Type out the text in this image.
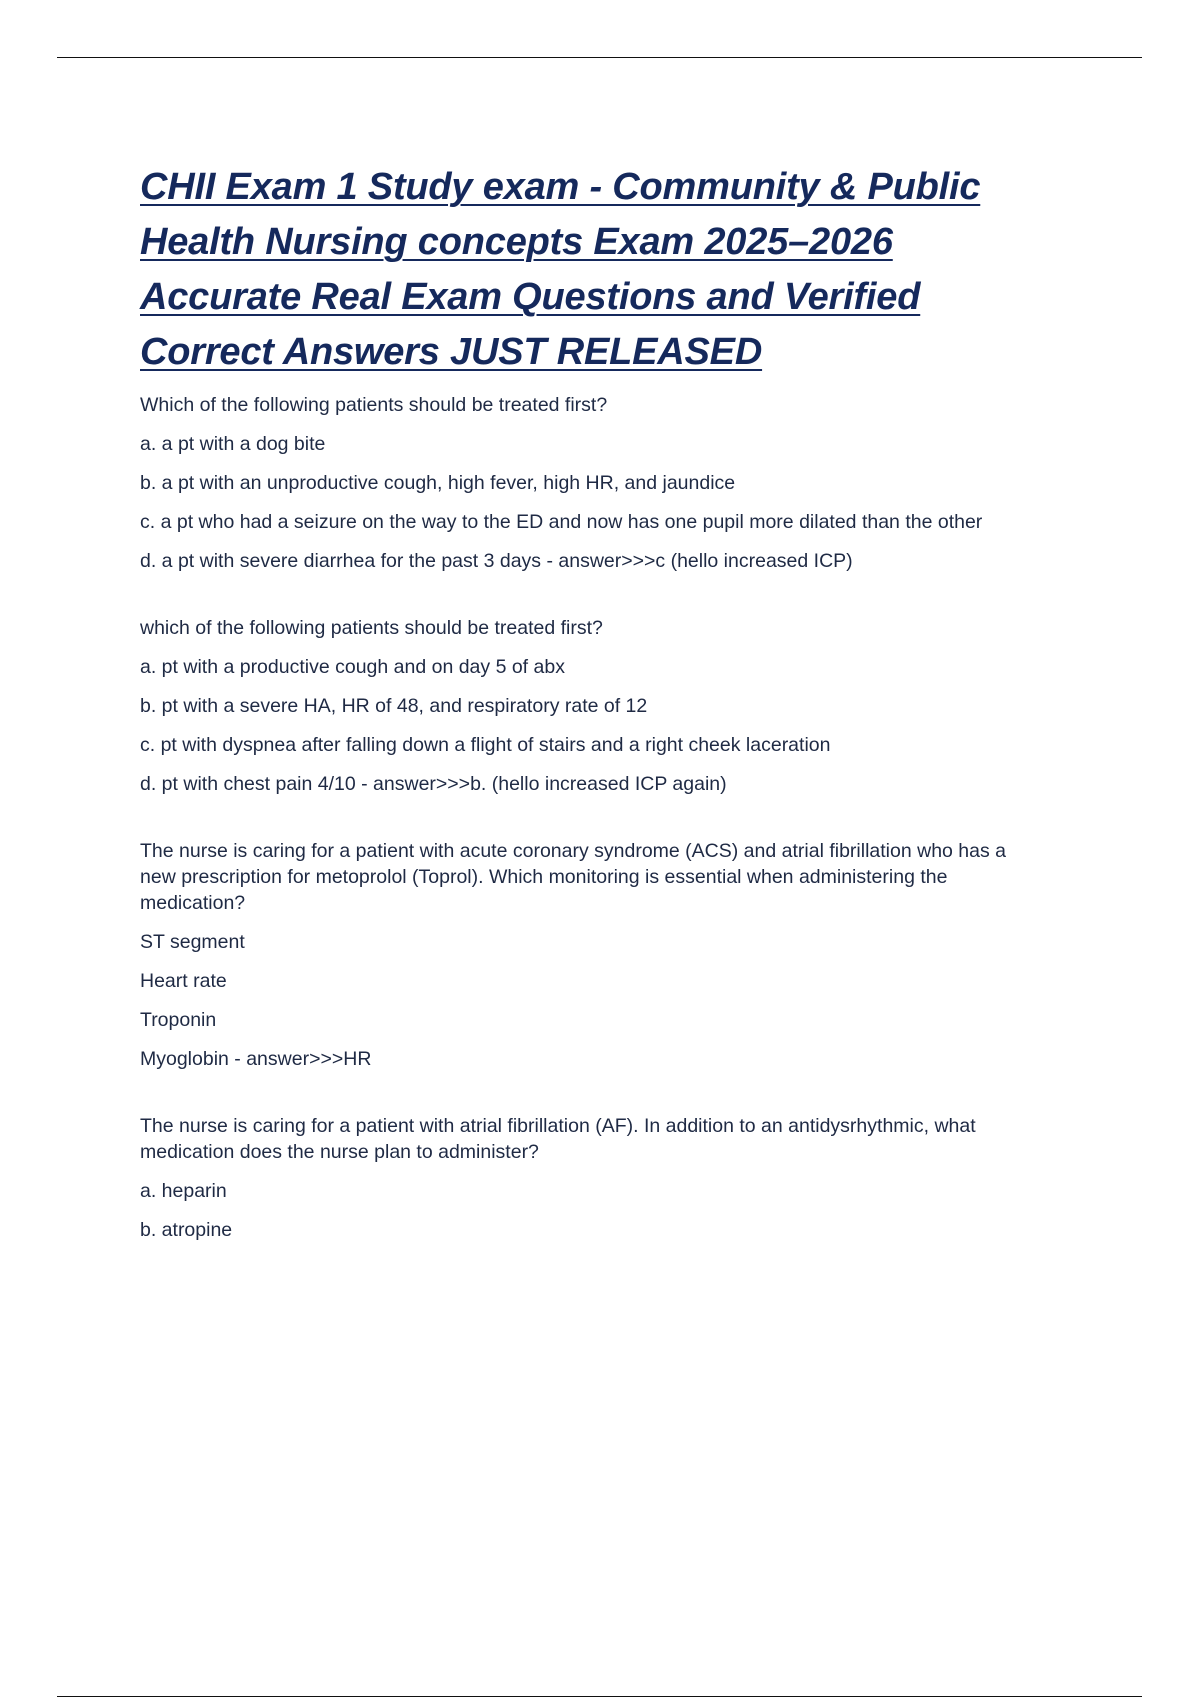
CHII Exam 1 Study exam - Community & Public Health Nursing concepts Exam 2025–2026 Accurate Real Exam Questions and Verified Correct Answers JUST RELEASED

Which of the following patients should be treated first?

a. a pt with a dog bite

b. a pt with an unproductive cough, high fever, high HR, and jaundice

c. a pt who had a seizure on the way to the ED and now has one pupil more dilated than the other

d. a pt with severe diarrhea for the past 3 days - answer>>>c (hello increased ICP)

which of the following patients should be treated first?

a. pt with a productive cough and on day 5 of abx

b. pt with a severe HA, HR of 48, and respiratory rate of 12

c. pt with dyspnea after falling down a flight of stairs and a right cheek laceration

d. pt with chest pain 4/10 - answer>>>b. (hello increased ICP again)

The nurse is caring for a patient with acute coronary syndrome (ACS) and atrial fibrillation who has a new prescription for metoprolol (Toprol). Which monitoring is essential when administering the medication?

ST segment

Heart rate

Troponin

Myoglobin - answer>>>HR

The nurse is caring for a patient with atrial fibrillation (AF). In addition to an antidysrhythmic, what medication does the nurse plan to administer?

a. heparin

b. atropine
